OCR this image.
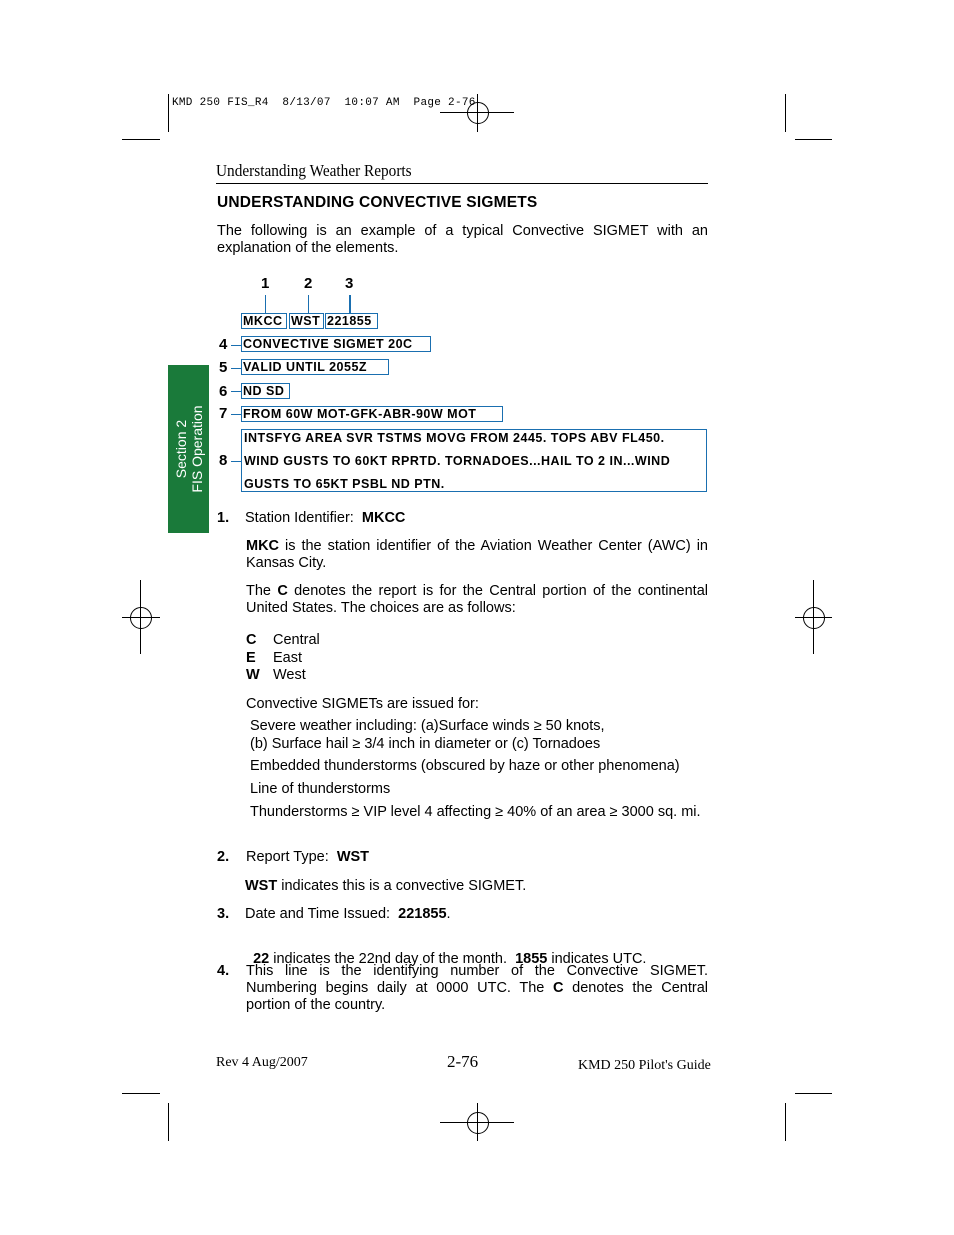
KMD 250 FIS_R4  8/13/07  10:07 AM  Page 2-76
Understanding Weather Reports
UNDERSTANDING CONVECTIVE SIGMETS
The following is an example of a typical Convective SIGMET with an explanation of the elements.
Section 2 FIS Operation
1 2 3
MKCC WST 221855
4 CONVECTIVE SIGMET 20C
5 VALID UNTIL 2055Z
6 ND SD
7 FROM 60W MOT-GFK-ABR-90W MOT
8
INTSFYG AREA SVR TSTMS MOVG FROM 2445. TOPS ABV FL450.
WIND GUSTS TO 60KT RPRTD. TORNADOES...HAIL TO 2 IN...WIND
GUSTS TO 65KT PSBL ND PTN.
1. Station Identifier: MKCC
MKC is the station identifier of the Aviation Weather Center (AWC) in Kansas City.
The C denotes the report is for the Central portion of the continental United States. The choices are as follows:
C Central
E East
W West
Convective SIGMETs are issued for:
Severe weather including: (a)Surface winds ≥ 50 knots,
(b) Surface hail ≥ 3/4 inch in diameter or (c) Tornadoes
Embedded thunderstorms (obscured by haze or other phenomena)
Line of thunderstorms
Thunderstorms ≥ VIP level 4 affecting ≥ 40% of an area ≥ 3000 sq. mi.
2. Report Type: WST
WST indicates this is a convective SIGMET.
3. Date and Time Issued: 221855.

22 indicates the 22nd day of the month.  1855 indicates UTC.

4. This line is the identifying number of the Convective SIGMET. Numbering begins daily at 0000 UTC. The C denotes the Central portion of the country.
Rev 4 Aug/2007	2-76	KMD 250 Pilot's Guide
